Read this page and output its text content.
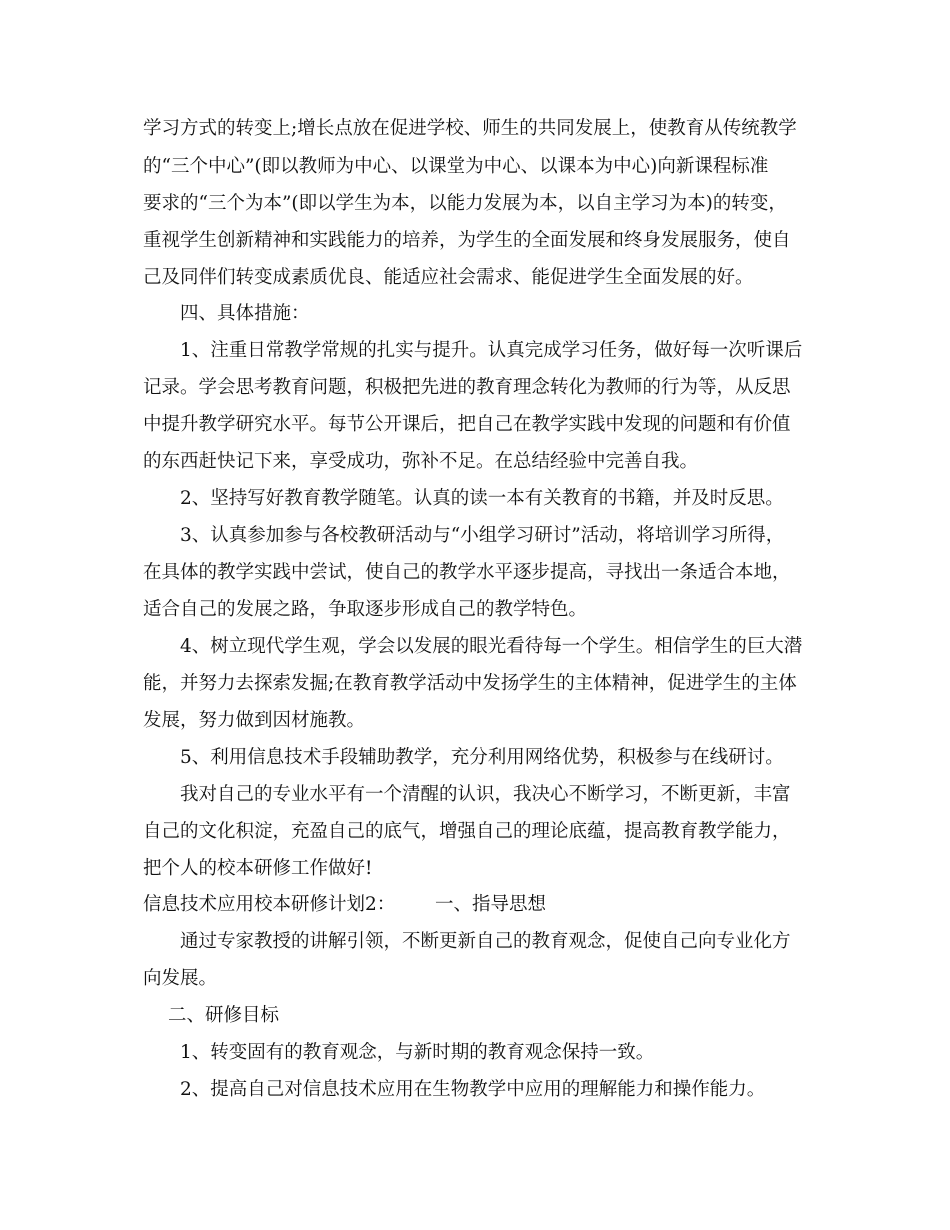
学习方式的转变上;增长点放在促进学校、师生的共同发展上，使教育从传统教学
的“三个中心”(即以教师为中心、以课堂为中心、以课本为中心)向新课程标准
要求的“三个为本”(即以学生为本，以能力发展为本，以自主学习为本)的转变，
重视学生创新精神和实践能力的培养，为学生的全面发展和终身发展服务，使自
己及同伴们转变成素质优良、能适应社会需求、能促进学生全面发展的好。
四、具体措施：
1、注重日常教学常规的扎实与提升。认真完成学习任务，做好每一次听课后
记录。学会思考教育问题，积极把先进的教育理念转化为教师的行为等，从反思
中提升教学研究水平。每节公开课后，把自己在教学实践中发现的问题和有价值
的东西赶快记下来，享受成功，弥补不足。在总结经验中完善自我。
2、坚持写好教育教学随笔。认真的读一本有关教育的书籍，并及时反思。
3、认真参加参与各校教研活动与“小组学习研讨”活动，将培训学习所得，
在具体的教学实践中尝试，使自己的教学水平逐步提高，寻找出一条适合本地，
适合自己的发展之路，争取逐步形成自己的教学特色。
4、树立现代学生观，学会以发展的眼光看待每一个学生。相信学生的巨大潜
能，并努力去探索发掘;在教育教学活动中发扬学生的主体精神，促进学生的主体
发展，努力做到因材施教。
5、利用信息技术手段辅助教学，充分利用网络优势，积极参与在线研讨。
我对自己的专业水平有一个清醒的认识，我决心不断学习，不断更新，丰富
自己的文化积淀，充盈自己的底气，增强自己的理论底蕴，提高教育教学能力，
把个人的校本研修工作做好!
信息技术应用校本研修计划2： 一、指导思想
通过专家教授的讲解引领，不断更新自己的教育观念，促使自己向专业化方
向发展。
二、研修目标
1、转变固有的教育观念，与新时期的教育观念保持一致。
2、提高自己对信息技术应用在生物教学中应用的理解能力和操作能力。
